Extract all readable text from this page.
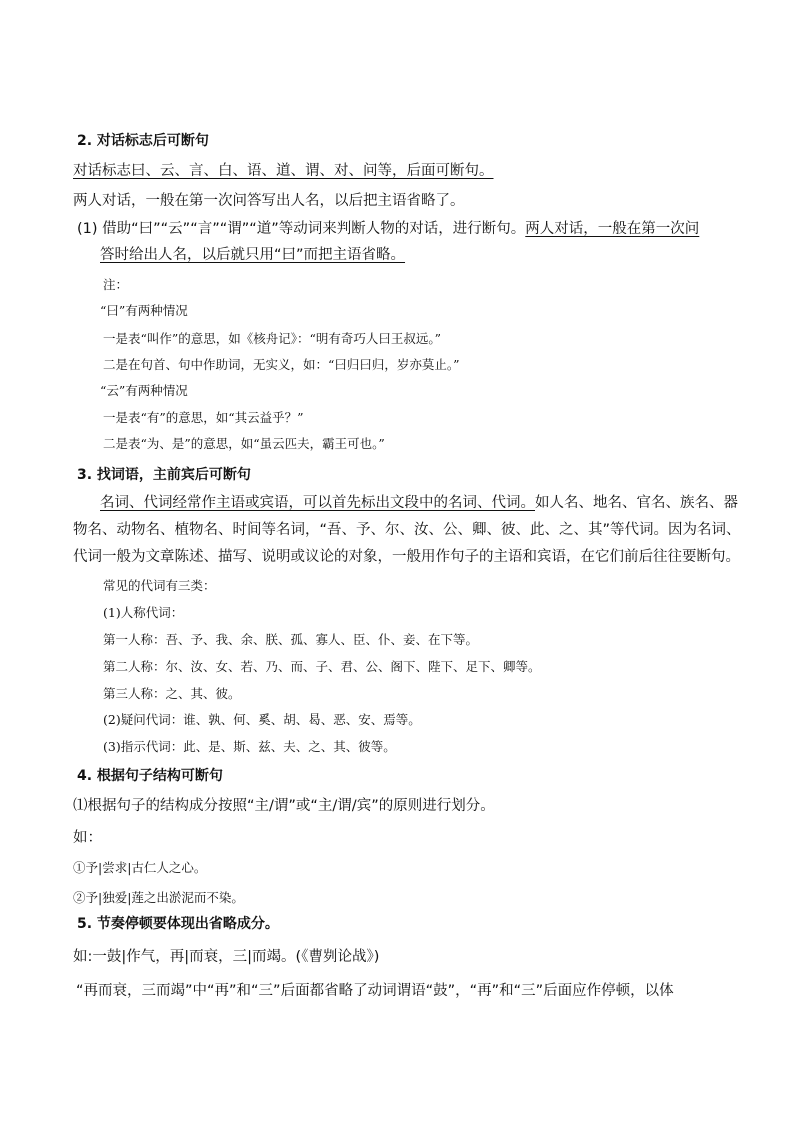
2. 对话标志后可断句
对话标志曰、云、言、白、语、道、谓、对、问等，后面可断句。
两人对话，一般在第一次问答写出人名，以后把主语省略了。
(1) 借助“曰”“云”“言”“谓”“道”等动词来判断人物的对话，进行断句。两人对话，一般在第一次问
答时给出人名，以后就只用“曰”而把主语省略。
注：
“曰”有两种情况
一是表“叫作”的意思，如《核舟记》：“明有奇巧人曰王叔远。”
二是在句首、句中作助词，无实义，如：“曰归曰归，岁亦莫止。”
“云”有两种情况
一是表“有”的意思，如“其云益乎？”
二是表“为、是”的意思，如“虽云匹夫，霸王可也。”
3. 找词语，主前宾后可断句
名词、代词经常作主语或宾语，可以首先标出文段中的名词、代词。如人名、地名、官名、族名、器
物名、动物名、植物名、时间等名词，“吾、予、尔、汝、公、卿、彼、此、之、其”等代词。因为名词、
代词一般为文章陈述、描写、说明或议论的对象，一般用作句子的主语和宾语，在它们前后往往要断句。
常见的代词有三类：
(1)人称代词：
第一人称：吾、予、我、余、朕、孤、寡人、臣、仆、妾、在下等。
第二人称：尔、汝、女、若、乃、而、子、君、公、阁下、陛下、足下、卿等。
第三人称：之、其、彼。
(2)疑问代词：谁、孰、何、奚、胡、曷、恶、安、焉等。
(3)指示代词：此、是、斯、兹、夫、之、其、彼等。
4. 根据句子结构可断句
⑴根据句子的结构成分按照“主/谓”或“主/谓/宾”的原则进行划分。
如：
①予|尝求|古仁人之心。
②予|独爱|莲之出淤泥而不染。
5. 节奏停顿要体现出省略成分。
如:一鼓|作气，再|而衰，三|而竭。(《曹刿论战》)
“再而衰，三而竭”中“再”和“三”后面都省略了动词谓语“鼓”，“再”和“三”后面应作停顿，以体
